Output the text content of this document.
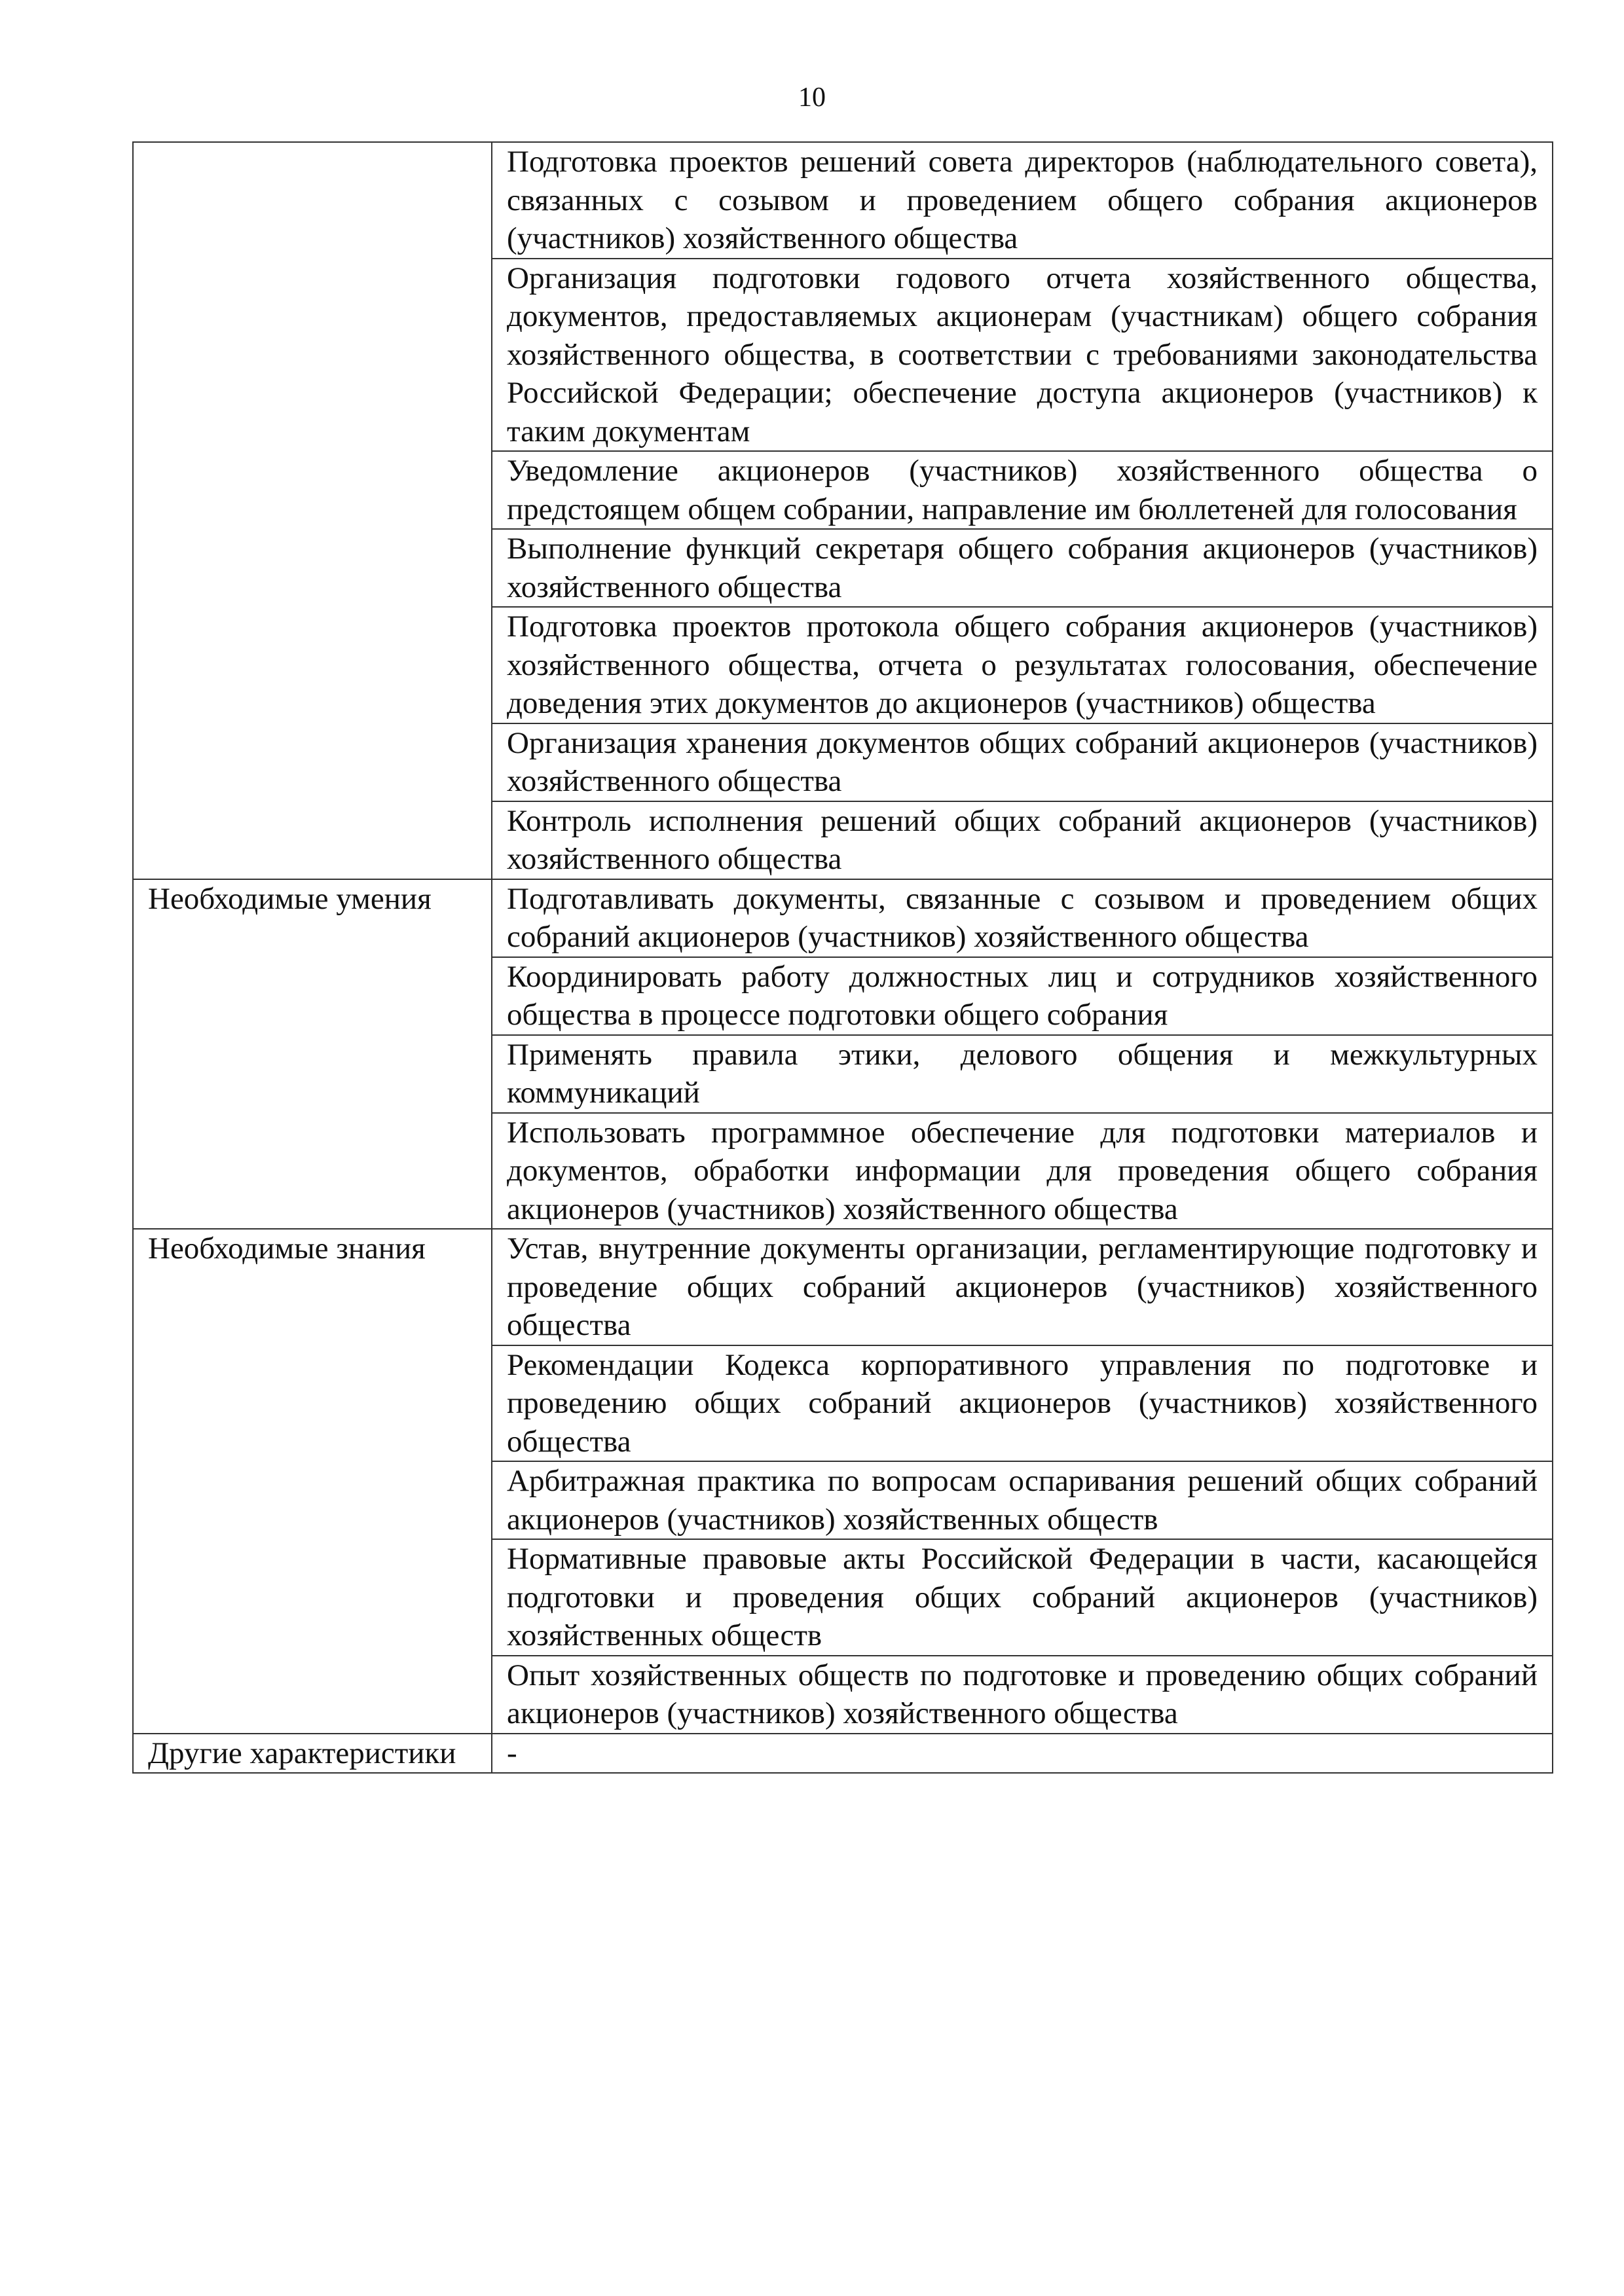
10
	Подготовка проектов решений совета директоров (наблюдательного совета), связанных с созывом и проведением общего собрания акционеров (участников) хозяйственного общества
	Организация подготовки годового отчета хозяйственного общества, документов, предоставляемых акционерам (участникам) общего собрания хозяйственного общества, в соответствии с требованиями законодательства Российской Федерации; обеспечение доступа акционеров (участников) к таким документам
	Уведомление акционеров (участников) хозяйственного общества о предстоящем общем собрании, направление им бюллетеней для голосования
	Выполнение функций секретаря общего собрания акционеров (участников) хозяйственного общества
	Подготовка проектов протокола общего собрания акционеров (участников) хозяйственного общества, отчета о результатах голосования, обеспечение доведения этих документов до акционеров (участников) общества
	Организация хранения документов общих собраний акционеров (участников) хозяйственного общества
	Контроль исполнения решений общих собраний акционеров (участников) хозяйственного общества
Необходимые умения	Подготавливать документы, связанные с созывом и проведением общих собраний акционеров (участников) хозяйственного общества
	Координировать работу должностных лиц и сотрудников хозяйственного общества в процессе подготовки общего собрания
	Применять правила этики, делового общения и межкультурных коммуникаций
	Использовать программное обеспечение для подготовки материалов и документов, обработки информации для проведения общего собрания акционеров (участников) хозяйственного общества
Необходимые знания	Устав, внутренние документы организации, регламентирующие подготовку и проведение общих собраний акционеров (участников) хозяйственного общества
	Рекомендации Кодекса корпоративного управления по подготовке и проведению общих собраний акционеров (участников) хозяйственного общества
	Арбитражная практика по вопросам оспаривания решений общих собраний акционеров (участников) хозяйственных обществ
	Нормативные правовые акты Российской Федерации в части, касающейся подготовки и проведения общих собраний акционеров (участников) хозяйственных обществ
	Опыт хозяйственных обществ по подготовке и проведению общих собраний акционеров (участников) хозяйственного общества
Другие характеристики	-
